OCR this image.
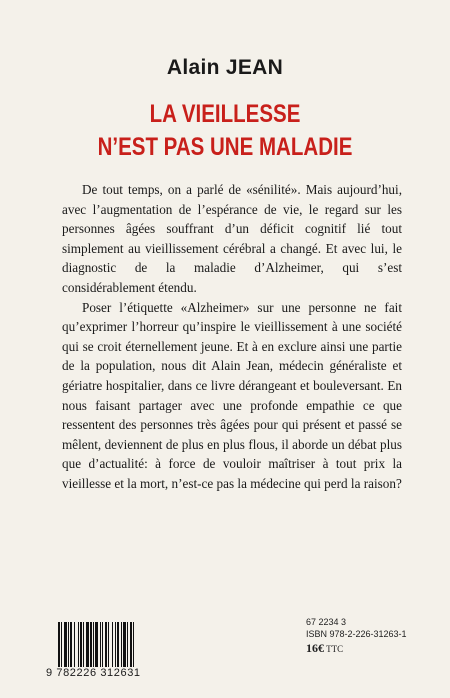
Alain JEAN
LA VIEILLESSE
N’EST PAS UNE MALADIE

De tout temps, on a parlé de «sénilité». Mais aujourd’hui, avec l’augmentation de l’espérance de vie, le regard sur les personnes âgées souffrant d’un déficit cognitif lié tout simplement au vieillissement cérébral a changé. Et avec lui, le diagnostic de la maladie d’Alzheimer, qui s’est considérablement étendu.

Poser l’étiquette «Alzheimer» sur une personne ne fait qu’exprimer l’horreur qu’inspire le vieillissement à une société qui se croit éternellement jeune. Et à en exclure ainsi une partie de la population, nous dit Alain Jean, médecin généraliste et gériatre hospitalier, dans ce livre dérangeant et bouleversant. En nous faisant partager avec une profonde empathie ce que ressentent des personnes très âgées pour qui présent et passé se mêlent, deviennent de plus en plus flous, il aborde un débat plus que d’actualité: à force de vouloir maîtriser à tout prix la vieillesse et la mort, n’est-ce pas la médecine qui perd la raison?

67 2234 3
ISBN 978-2-226-31263-1
16€ TTC
9 782226 312631
